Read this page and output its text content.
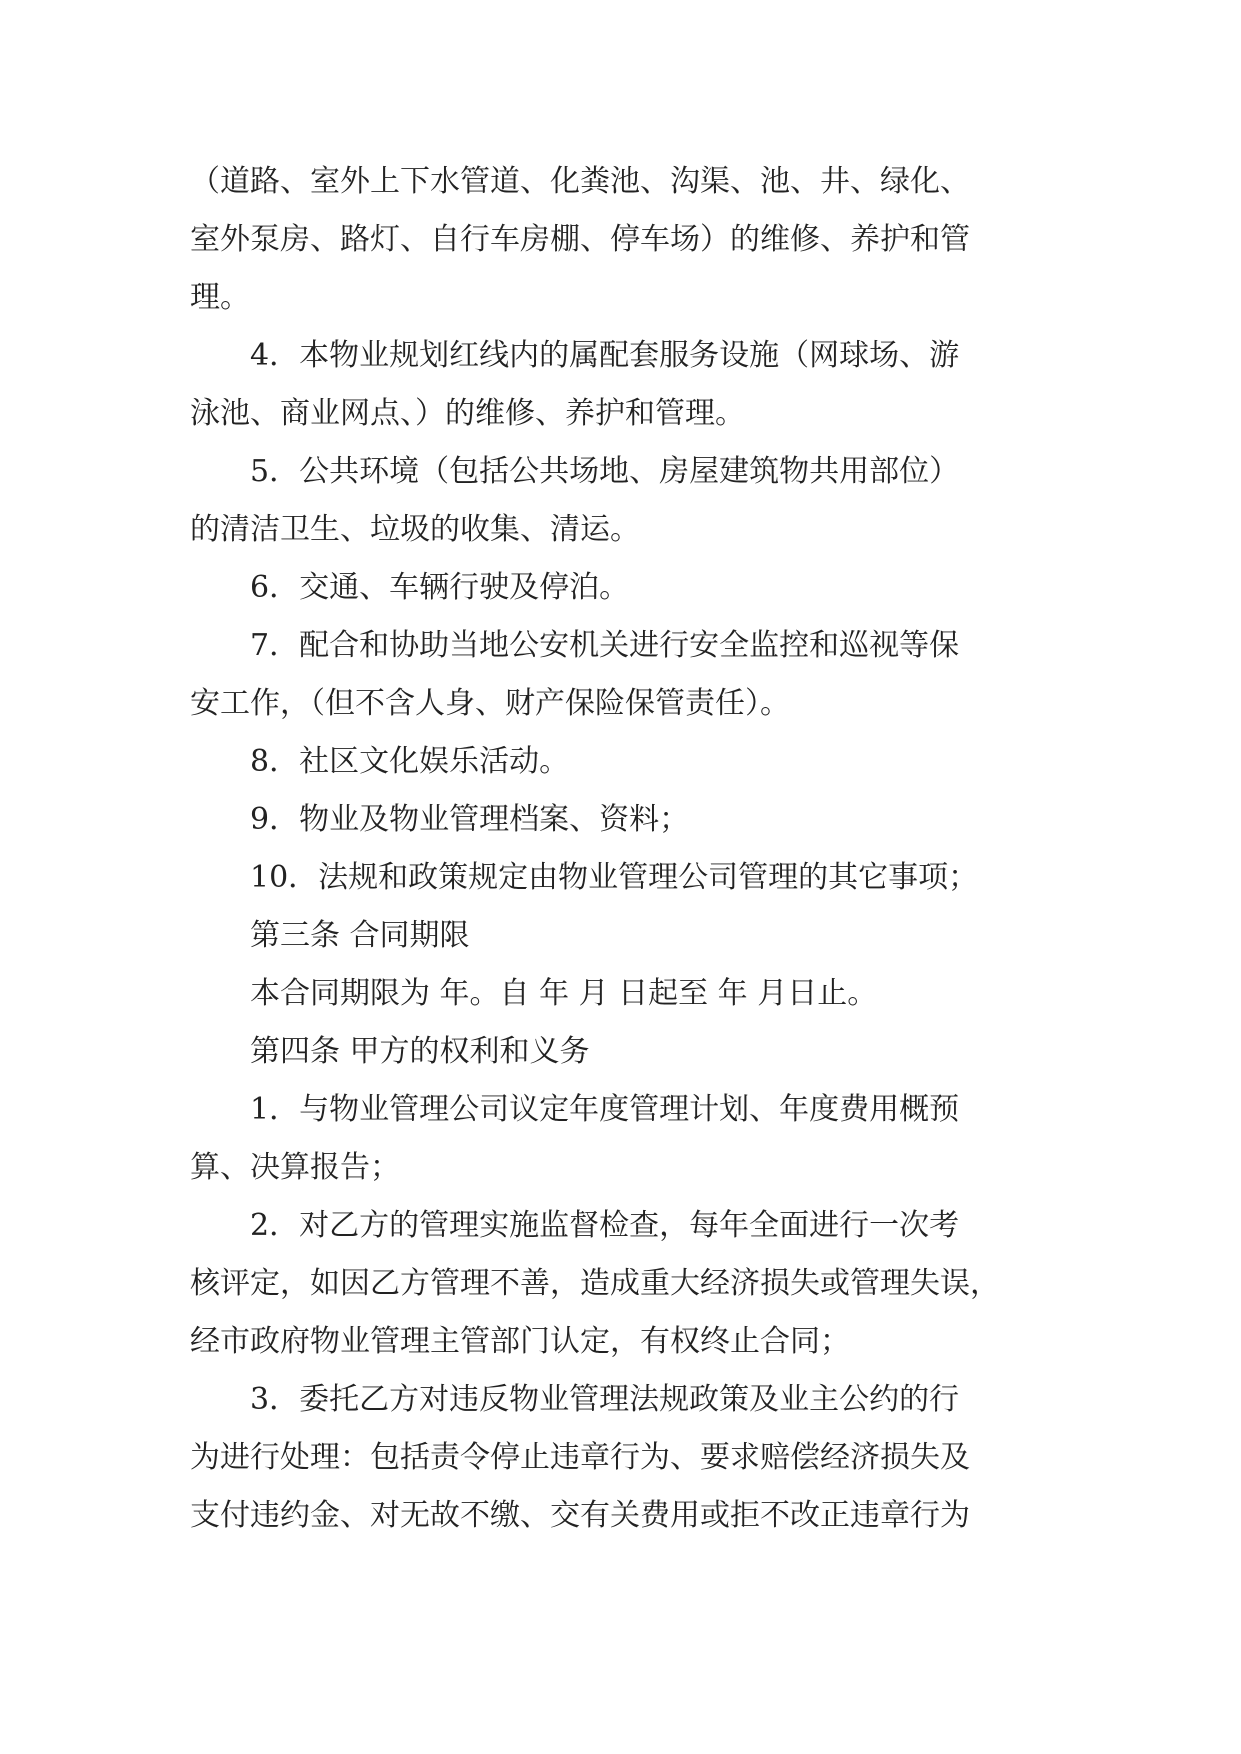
（道路、室外上下水管道、化粪池、沟渠、池、井、绿化、

室外泵房、路灯、自行车房棚、停车场）的维修、养护和管

理。

　　4．本物业规划红线内的属配套服务设施（网球场、游

泳池、商业网点、）的维修、养护和管理。

　　5．公共环境（包括公共场地、房屋建筑物共用部位）

的清洁卫生、垃圾的收集、清运。

　　6．交通、车辆行驶及停泊。

　　7．配合和协助当地公安机关进行安全监控和巡视等保

安工作，（但不含人身、财产保险保管责任）。

　　8．社区文化娱乐活动。

　　9．物业及物业管理档案、资料；

　　10．法规和政策规定由物业管理公司管理的其它事项；

　　第三条 合同期限

　　本合同期限为 年。自 年 月 日起至 年 月日止。

　　第四条 甲方的权利和义务

　　1．与物业管理公司议定年度管理计划、年度费用概预

算、决算报告；

　　2．对乙方的管理实施监督检查，每年全面进行一次考

核评定，如因乙方管理不善，造成重大经济损失或管理失误，

经市政府物业管理主管部门认定，有权终止合同；

　　3．委托乙方对违反物业管理法规政策及业主公约的行

为进行处理：包括责令停止违章行为、要求赔偿经济损失及

支付违约金、对无故不缴、交有关费用或拒不改正违章行为
